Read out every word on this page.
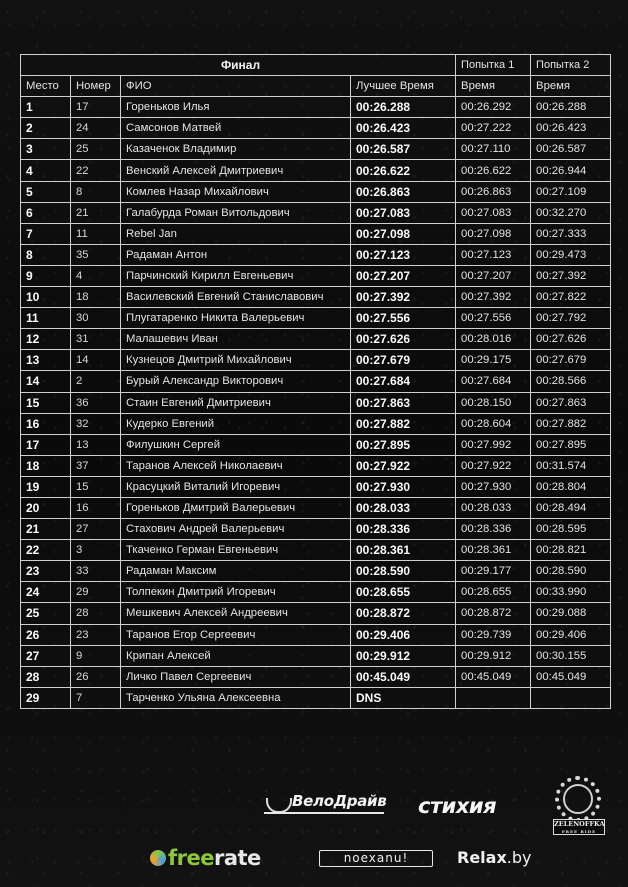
Финал				Попытка 1	Попытка 2
Место	Номер	ФИО	Лучшее Время	Время	Время
1	17	Гореньков Илья	00:26.288	00:26.292	00:26.288
2	24	Самсонов Матвей	00:26.423	00:27.222	00:26.423
3	25	Казаченок Владимир	00:26.587	00:27.110	00:26.587
4	22	Венский Алексей Дмитриевич	00:26.622	00:26.622	00:26.944
5	8	Комлев Назар Михайлович	00:26.863	00:26.863	00:27.109
6	21	Галабурда Роман Витольдович	00:27.083	00:27.083	00:32.270
7	11	Rebel Jan	00:27.098	00:27.098	00:27.333
8	35	Радаман Антон	00:27.123	00:27.123	00:29.473
9	4	Парчинский Кирилл Евгеньевич	00:27.207	00:27.207	00:27.392
10	18	Василевский Евгений Станиславович	00:27.392	00:27.392	00:27.822
11	30	Плугатаренко Никита Валерьевич	00:27.556	00:27.556	00:27.792
12	31	Малашевич Иван	00:27.626	00:28.016	00:27.626
13	14	Кузнецов Дмитрий Михайлович	00:27.679	00:29.175	00:27.679
14	2	Бурый Александр Викторович	00:27.684	00:27.684	00:28.566
15	36	Стаин Евгений Дмитриевич	00:27.863	00:28.150	00:27.863
16	32	Кудерко Евгений	00:27.882	00:28.604	00:27.882
17	13	Филушкин Сергей	00:27.895	00:27.992	00:27.895
18	37	Таранов Алексей Николаевич	00:27.922	00:27.922	00:31.574
19	15	Красуцкий Виталий Игоревич	00:27.930	00:27.930	00:28.804
20	16	Гореньков Дмитрий Валерьевич	00:28.033	00:28.033	00:28.494
21	27	Стахович Андрей Валерьевич	00:28.336	00:28.336	00:28.595
22	3	Ткаченко Герман Евгеньевич	00:28.361	00:28.361	00:28.821
23	33	Радаман Максим	00:28.590	00:29.177	00:28.590
24	29	Толпекин Дмитрий Игоревич	00:28.655	00:28.655	00:33.990
25	28	Мешкевич Алексей Андреевич	00:28.872	00:28.872	00:29.088
26	23	Таранов Егор Сергеевич	00:29.406	00:29.739	00:29.406
27	9	Крипан Алексей	00:29.912	00:29.912	00:30.155
28	26	Личко Павел Сергеевич	00:45.049	00:45.049	00:45.049
29	7	Тарченко Ульяна Алексеевна	DNS		
ВелоДрайв стихия
ZELENOFFKA
FREE RIDE
freerate	noexanu!	Relax.by
